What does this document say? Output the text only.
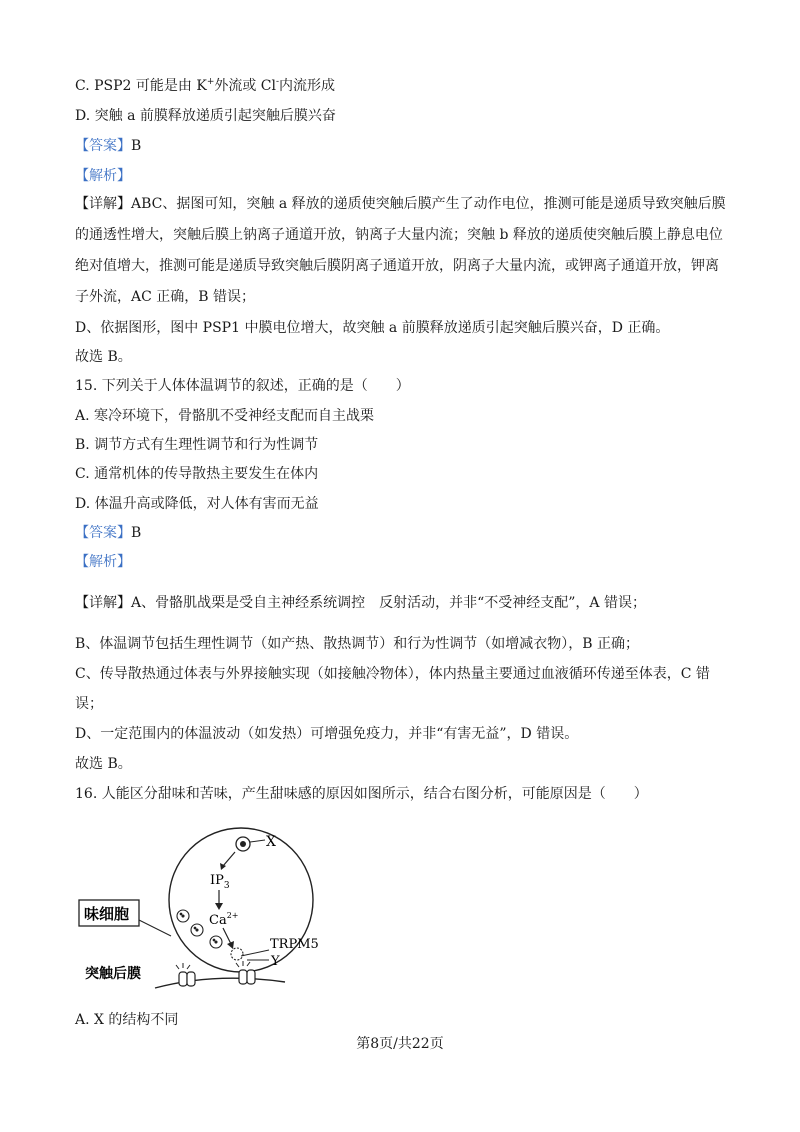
C. PSP2 可能是由 K+外流或 Cl-内流形成
D. 突触 a 前膜释放递质引起突触后膜兴奋
【答案】B
【解析】
【详解】ABC、据图可知，突触 a 释放的递质使突触后膜产生了动作电位，推测可能是递质导致突触后膜
的通透性增大，突触后膜上钠离子通道开放，钠离子大量内流；突触 b 释放的递质使突触后膜上静息电位
绝对值增大，推测可能是递质导致突触后膜阴离子通道开放，阴离子大量内流，或钾离子通道开放，钾离
子外流，AC 正确，B 错误；
D、依据图形，图中 PSP1 中膜电位增大，故突触 a 前膜释放递质引起突触后膜兴奋，D 正确。
故选 B。
15. 下列关于人体体温调节的叙述，正确的是（　　）
A. 寒冷环境下，骨骼肌不受神经支配而自主战栗
B. 调节方式有生理性调节和行为性调节
C. 通常机体的传导散热主要发生在体内
D. 体温升高或降低，对人体有害而无益
【答案】B
【解析】
【详解】A、骨骼肌战栗是受自主神经系统调控　反射活动，并非“不受神经支配”，A 错误；
B、体温调节包括生理性调节（如产热、散热调节）和行为性调节（如增减衣物），B 正确；
C、传导散热通过体表与外界接触实现（如接触冷物体），体内热量主要通过血液循环传递至体表，C 错
误；
D、一定范围内的体温波动（如发热）可增强免疫力，并非“有害无益”，D 错误。
故选 B。
16. 人能区分甜味和苦味，产生甜味感的原因如图所示，结合右图分析，可能原因是（　　）
X
$IP_3$
$Ca^{2+}$
味细胞
TRPM5
Y
突触后膜
A. X 的结构不同
第8页/共22页
